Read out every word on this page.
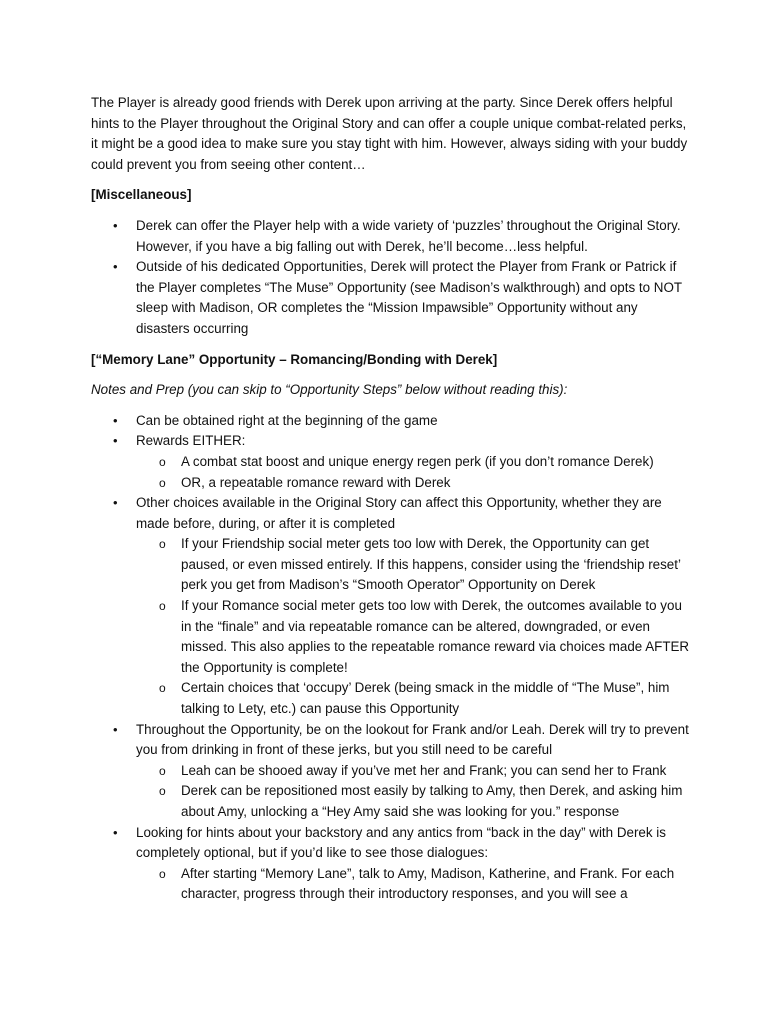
The Player is already good friends with Derek upon arriving at the party. Since Derek offers helpful hints to the Player throughout the Original Story and can offer a couple unique combat-related perks, it might be a good idea to make sure you stay tight with him. However, always siding with your buddy could prevent you from seeing other content…

[Miscellaneous]

• Derek can offer the Player help with a wide variety of ‘puzzles’ throughout the Original Story. However, if you have a big falling out with Derek, he’ll become…less helpful.
• Outside of his dedicated Opportunities, Derek will protect the Player from Frank or Patrick if the Player completes “The Muse” Opportunity (see Madison’s walkthrough) and opts to NOT sleep with Madison, OR completes the “Mission Impawsible” Opportunity without any disasters occurring

[“Memory Lane” Opportunity – Romancing/Bonding with Derek]

Notes and Prep (you can skip to “Opportunity Steps” below without reading this):

• Can be obtained right at the beginning of the game
• Rewards EITHER:
o A combat stat boost and unique energy regen perk (if you don’t romance Derek)
o OR, a repeatable romance reward with Derek
• Other choices available in the Original Story can affect this Opportunity, whether they are made before, during, or after it is completed
o If your Friendship social meter gets too low with Derek, the Opportunity can get paused, or even missed entirely. If this happens, consider using the ‘friendship reset’ perk you get from Madison’s “Smooth Operator” Opportunity on Derek
o If your Romance social meter gets too low with Derek, the outcomes available to you in the “finale” and via repeatable romance can be altered, downgraded, or even missed. This also applies to the repeatable romance reward via choices made AFTER the Opportunity is complete!
o Certain choices that ‘occupy’ Derek (being smack in the middle of “The Muse”, him talking to Lety, etc.) can pause this Opportunity
• Throughout the Opportunity, be on the lookout for Frank and/or Leah. Derek will try to prevent you from drinking in front of these jerks, but you still need to be careful
o Leah can be shooed away if you’ve met her and Frank; you can send her to Frank
o Derek can be repositioned most easily by talking to Amy, then Derek, and asking him about Amy, unlocking a “Hey Amy said she was looking for you.” response
• Looking for hints about your backstory and any antics from “back in the day” with Derek is completely optional, but if you’d like to see those dialogues:
o After starting “Memory Lane”, talk to Amy, Madison, Katherine, and Frank. For each character, progress through their introductory responses, and you will see a
